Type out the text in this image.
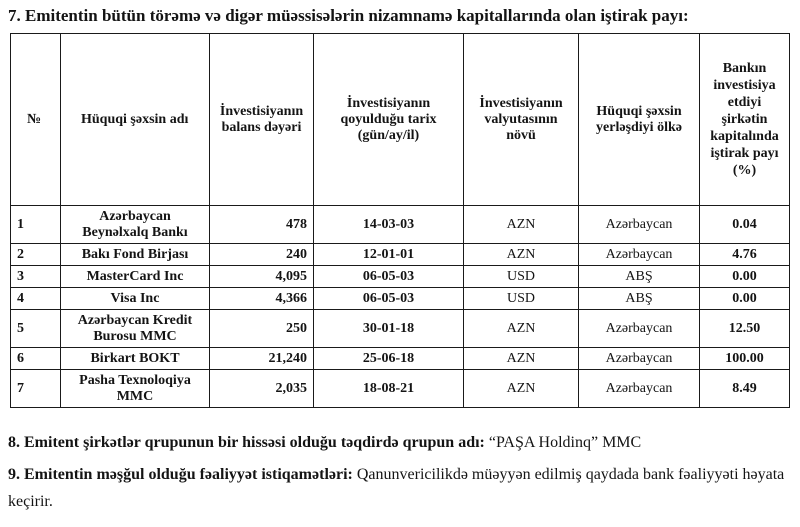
7. Emitentin bütün törəmə və digər müəssisələrin nizamnamə kapitallarında olan iştirak payı:
№	Hüquqi şəxsin adı	İnvestisiyanın balans dəyəri	İnvestisiyanın qoyulduğu tarix (gün/ay/il)	İnvestisiyanın valyutasının növü	Hüquqi şəxsin yerləşdiyi ölkə	Bankın investisiya etdiyi şirkətin kapitalında iştirak payı (%)
1	Azərbaycan Beynəlxalq Bankı	478	14-03-03	AZN	Azərbaycan	0.04
2	Bakı Fond Birjası	240	12-01-01	AZN	Azərbaycan	4.76
3	MasterCard Inc	4,095	06-05-03	USD	ABŞ	0.00
4	Visa Inc	4,366	06-05-03	USD	ABŞ	0.00
5	Azərbaycan Kredit Burosu MMC	250	30-01-18	AZN	Azərbaycan	12.50
6	Birkart BOKT	21,240	25-06-18	AZN	Azərbaycan	100.00
7	Pasha Texnoloqiya MMC	2,035	18-08-21	AZN	Azərbaycan	8.49
8. Emitent şirkətlər qrupunun bir hissəsi olduğu təqdirdə qrupun adı: “PAŞA Holdinq” MMC
9. Emitentin məşğul olduğu fəaliyyət istiqamətləri: Qanunvericilikdə müəyyən edilmiş qaydada bank fəaliyyəti həyata keçirir.
